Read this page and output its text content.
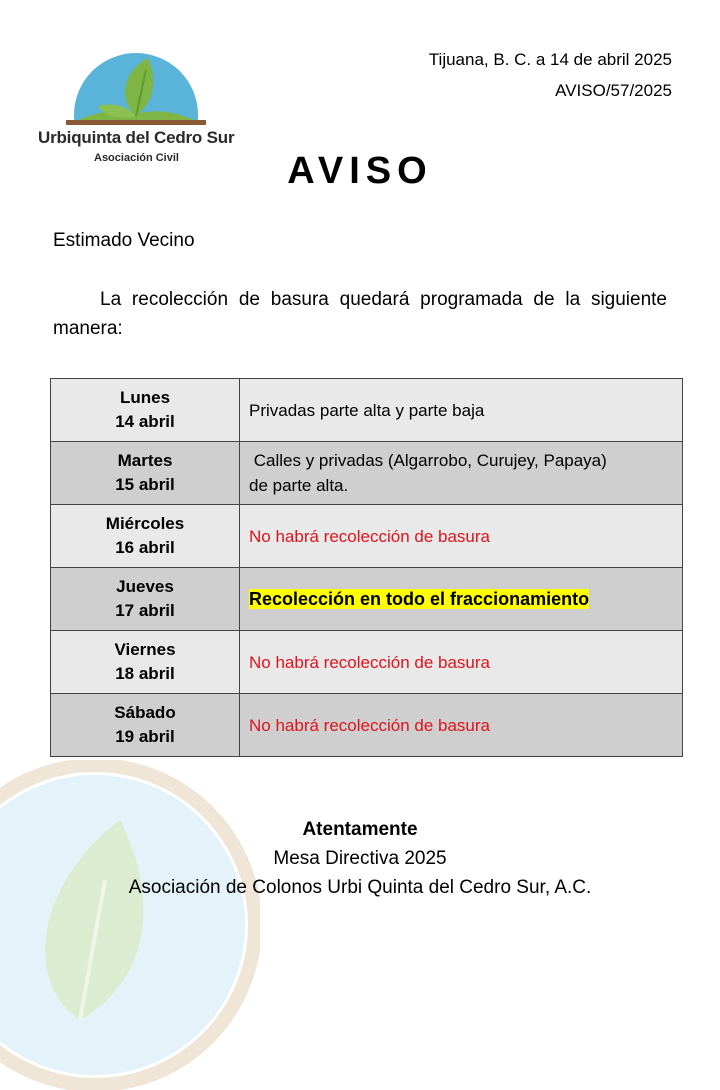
Urbiquinta del Cedro Sur
Asociación Civil
Tijuana, B. C. a 14 de abril 2025
AVISO/57/2025
AVISO
Estimado Vecino
La recolección de basura quedará programada de la siguiente manera:
Lunes
14 abril	Privadas parte alta y parte baja

Martes
15 abril	Calles y privadas (Algarrobo, Curujey, Papaya) de parte alta.

Miércoles
16 abril	No habrá recolección de basura

Jueves
17 abril	Recolección en todo el fraccionamiento

Viernes
18 abril	No habrá recolección de basura

Sábado
19 abril	No habrá recolección de basura
Atentamente
Mesa Directiva 2025
Asociación de Colonos Urbi Quinta del Cedro Sur, A.C.
